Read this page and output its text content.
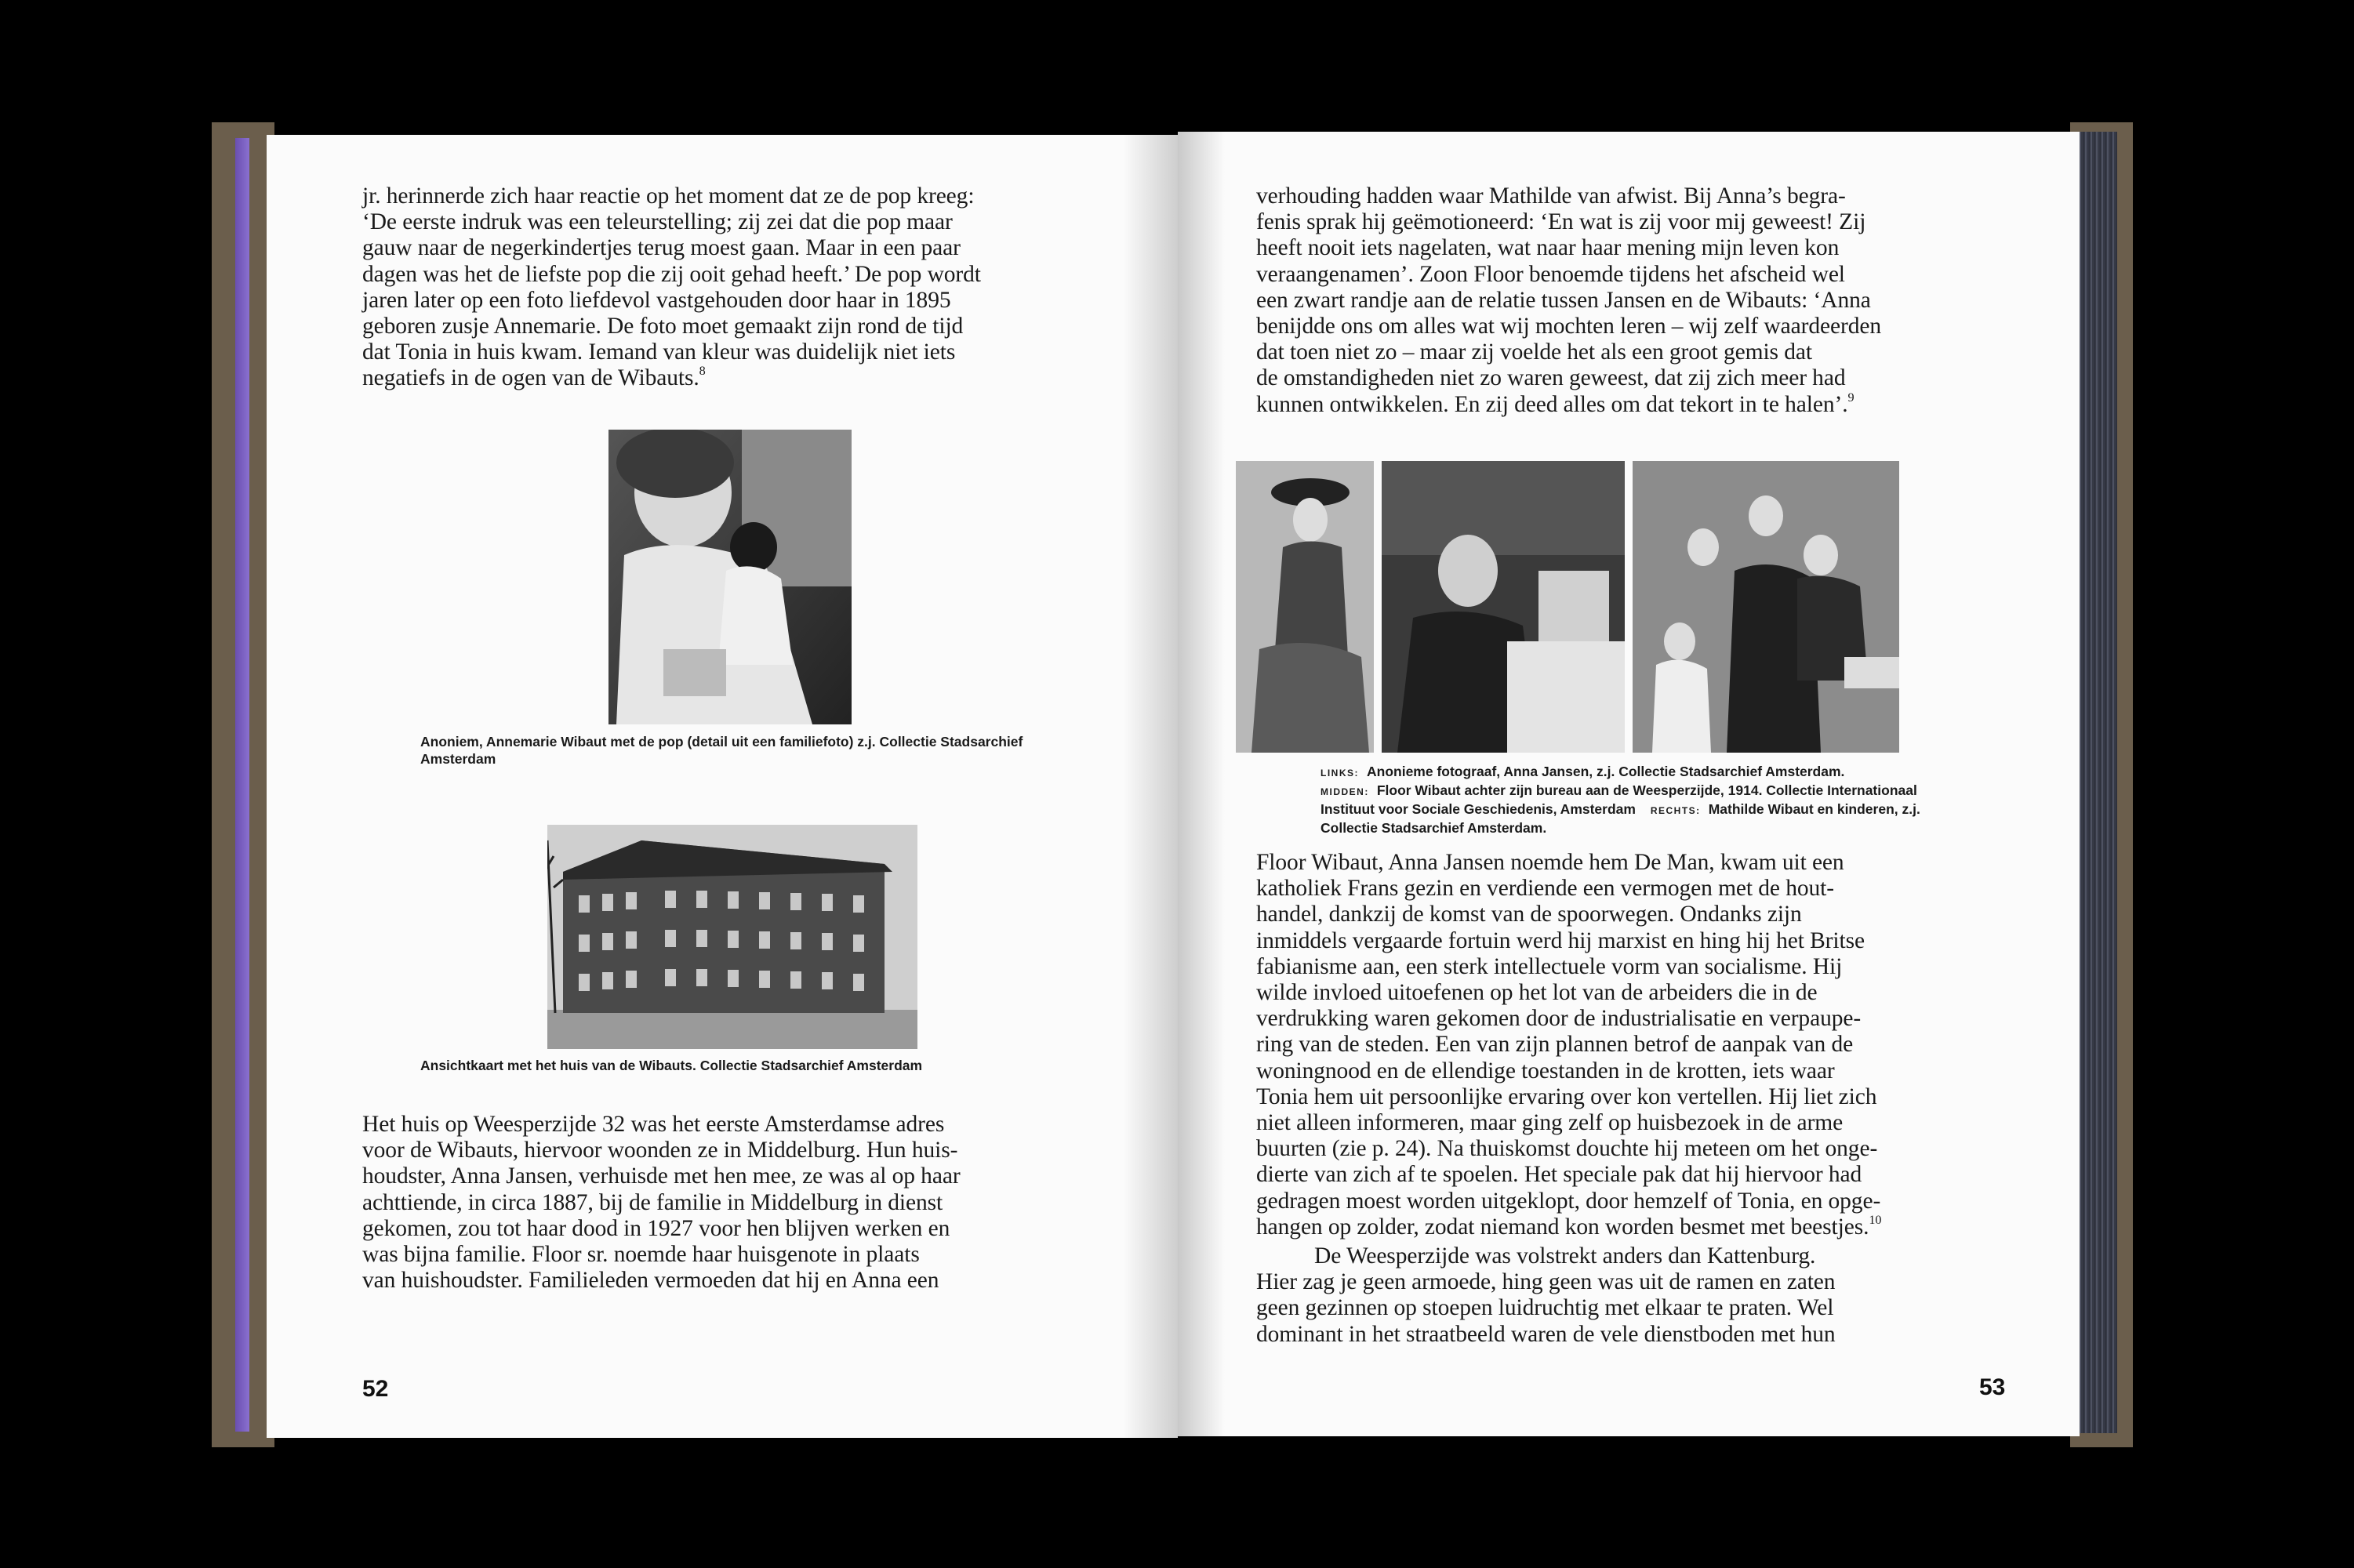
jr. herinnerde zich haar reactie op het moment dat ze de pop kreeg:
‘De eerste indruk was een teleurstelling; zij zei dat die pop maar
gauw naar de negerkindertjes terug moest gaan. Maar in een paar
dagen was het de liefste pop die zij ooit gehad heeft.’ De pop wordt
jaren later op een foto liefdevol vastgehouden door haar in 1895
geboren zusje Annemarie. De foto moet gemaakt zijn rond de tijd
dat Tonia in huis kwam. Iemand van kleur was duidelijk niet iets
negatiefs in de ogen van de Wibauts.$^8$

Anoniem, Annemarie Wibaut met de pop (detail uit een familiefoto) z.j. Collectie Stadsarchief Amsterdam

Ansichtkaart met het huis van de Wibauts. Collectie Stadsarchief Amsterdam

Het huis op Weesperzijde 32 was het eerste Amsterdamse adres
voor de Wibauts, hiervoor woonden ze in Middelburg. Hun huis-
houdster, Anna Jansen, verhuisde met hen mee, ze was al op haar
achttiende, in circa 1887, bij de familie in Middelburg in dienst
gekomen, zou tot haar dood in 1927 voor hen blijven werken en
was bijna familie. Floor sr. noemde haar huisgenote in plaats
van huishoudster. Familieleden vermoeden dat hij en Anna een

52

verhouding hadden waar Mathilde van afwist. Bij Anna’s begra-
fenis sprak hij geëmotioneerd: ‘En wat is zij voor mij geweest! Zij
heeft nooit iets nagelaten, wat naar haar mening mijn leven kon
veraangenamen’. Zoon Floor benoemde tijdens het afscheid wel
een zwart randje aan de relatie tussen Jansen en de Wibauts: ‘Anna
benijdde ons om alles wat wij mochten leren – wij zelf waardeerden
dat toen niet zo – maar zij voelde het als een groot gemis dat
de omstandigheden niet zo waren geweest, dat zij zich meer had
kunnen ontwikkelen. En zij deed alles om dat tekort in te halen’.$^9$

LINKS: Anonieme fotograaf, Anna Jansen, z.j. Collectie Stadsarchief Amsterdam.
MIDDEN: Floor Wibaut achter zijn bureau aan de Weesperzijde, 1914. Collectie Internationaal Instituut voor Sociale Geschiedenis, Amsterdam RECHTS: Mathilde Wibaut en kinderen, z.j. Collectie Stadsarchief Amsterdam.

Floor Wibaut, Anna Jansen noemde hem De Man, kwam uit een
katholiek Frans gezin en verdiende een vermogen met de hout-
handel, dankzij de komst van de spoorwegen. Ondanks zijn
inmiddels vergaarde fortuin werd hij marxist en hing hij het Britse
fabianisme aan, een sterk intellectuele vorm van socialisme. Hij
wilde invloed uitoefenen op het lot van de arbeiders die in de
verdrukking waren gekomen door de industrialisatie en verpaupe-
ring van de steden. Een van zijn plannen betrof de aanpak van de
woningnood en de ellendige toestanden in de krotten, iets waar
Tonia hem uit persoonlijke ervaring over kon vertellen. Hij liet zich
niet alleen informeren, maar ging zelf op huisbezoek in de arme
buurten (zie p. 24). Na thuiskomst douchte hij meteen om het onge-
dierte van zich af te spoelen. Het speciale pak dat hij hiervoor had
gedragen moest worden uitgeklopt, door hemzelf of Tonia, en opge-
hangen op zolder, zodat niemand kon worden besmet met beestjes.$^{10}$

De Weesperzijde was volstrekt anders dan Kattenburg.
Hier zag je geen armoede, hing geen was uit de ramen en zaten
geen gezinnen op stoepen luidruchtig met elkaar te praten. Wel
dominant in het straatbeeld waren de vele dienstboden met hun

53
